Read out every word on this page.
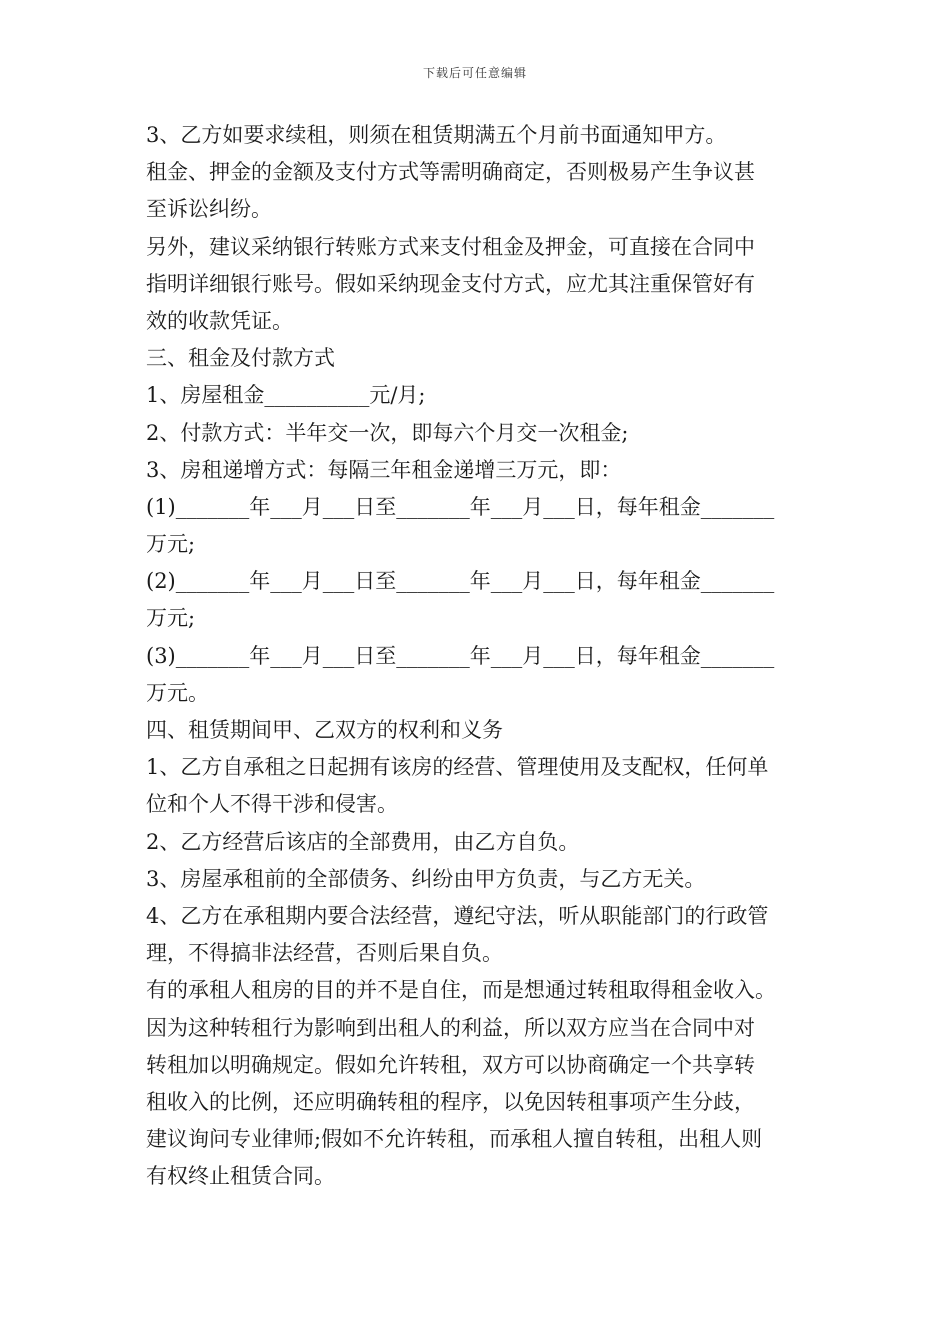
下载后可任意编辑
3、乙方如要求续租，则须在租赁期满五个月前书面通知甲方。
租金、押金的金额及支付方式等需明确商定，否则极易产生争议甚
至诉讼纠纷。
另外，建议采纳银行转账方式来支付租金及押金，可直接在合同中
指明详细银行账号。假如采纳现金支付方式，应尤其注重保管好有
效的收款凭证。
三、租金及付款方式
1、房屋租金__________元/月;
2、付款方式：半年交一次，即每六个月交一次租金;
3、房租递增方式：每隔三年租金递增三万元，即：
(1)_______年___月___日至_______年___月___日，每年租金_______
万元;
(2)_______年___月___日至_______年___月___日，每年租金_______
万元;
(3)_______年___月___日至_______年___月___日，每年租金_______
万元。
四、租赁期间甲、乙双方的权利和义务
1、乙方自承租之日起拥有该房的经营、管理使用及支配权，任何单
位和个人不得干涉和侵害。
2、乙方经营后该店的全部费用，由乙方自负。
3、房屋承租前的全部债务、纠纷由甲方负责，与乙方无关。
4、乙方在承租期内要合法经营，遵纪守法，听从职能部门的行政管
理，不得搞非法经营，否则后果自负。
有的承租人租房的目的并不是自住，而是想通过转租取得租金收入。
因为这种转租行为影响到出租人的利益，所以双方应当在合同中对
转租加以明确规定。假如允许转租，双方可以协商确定一个共享转
租收入的比例，还应明确转租的程序，以免因转租事项产生分歧，
建议询问专业律师;假如不允许转租，而承租人擅自转租，出租人则
有权终止租赁合同。
